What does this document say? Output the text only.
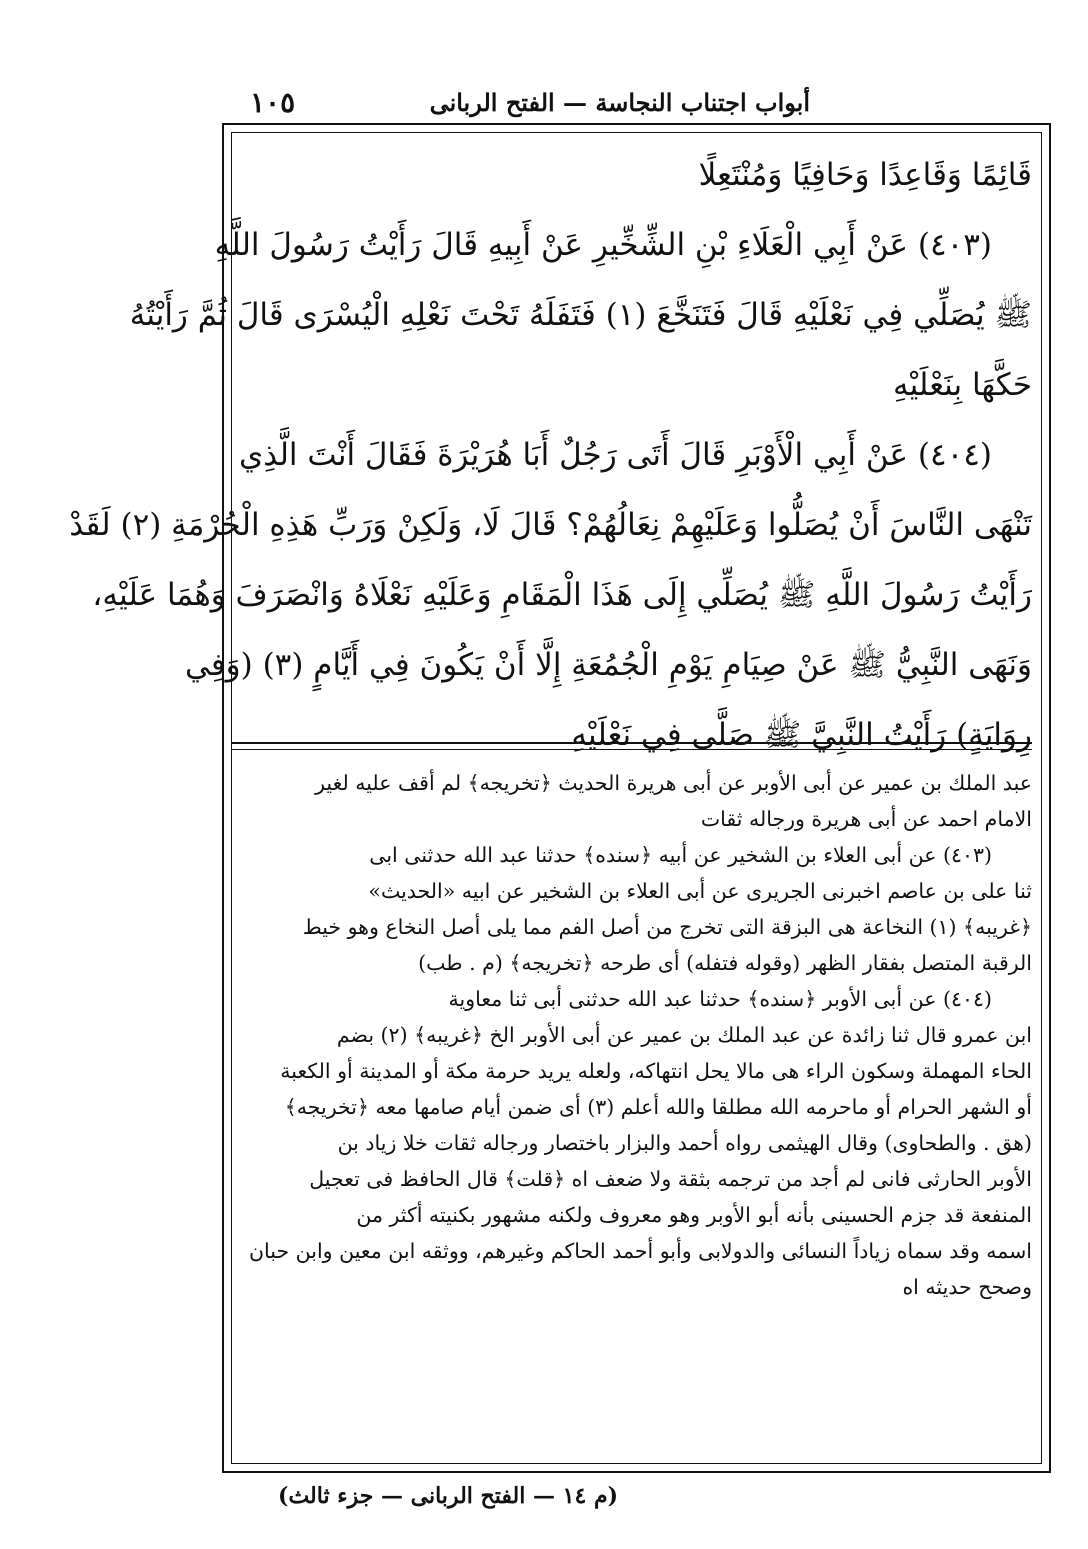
أبواب اجتناب النجاسة — الفتح الربانى
١٠٥
قَائِمًا وَقَاعِدًا وَحَافِيًا وَمُنْتَعِلًا
(٤٠٣) عَنْ أَبِي الْعَلَاءِ بْنِ الشِّخِّيرِ عَنْ أَبِيهِ قَالَ رَأَيْتُ رَسُولَ اللَّهِ
ﷺ يُصَلِّي فِي نَعْلَيْهِ قَالَ فَتَنَخَّعَ (١) فَتَفَلَهُ تَحْتَ نَعْلِهِ الْيُسْرَى قَالَ ثُمَّ رَأَيْتُهُ
حَكَّهَا بِنَعْلَيْهِ
(٤٠٤) عَنْ أَبِي الْأَوْبَرِ قَالَ أَتَى رَجُلٌ أَبَا هُرَيْرَةَ فَقَالَ أَنْتَ الَّذِي
تَنْهَى النَّاسَ أَنْ يُصَلُّوا وَعَلَيْهِمْ نِعَالُهُمْ؟ قَالَ لَا، وَلَكِنْ وَرَبِّ هَذِهِ الْحُرْمَةِ (٢) لَقَدْ
رَأَيْتُ رَسُولَ اللَّهِ ﷺ يُصَلِّي إِلَى هَذَا الْمَقَامِ وَعَلَيْهِ نَعْلَاهُ وَانْصَرَفَ وَهُمَا عَلَيْهِ،
وَنَهَى النَّبِيُّ ﷺ عَنْ صِيَامِ يَوْمِ الْجُمُعَةِ إِلَّا أَنْ يَكُونَ فِي أَيَّامٍ (٣) (وَفِي
رِوَايَةٍ) رَأَيْتُ النَّبِيَّ ﷺ صَلَّى فِي نَعْلَيْهِ
عبد الملك بن عمير عن أبى الأوبر عن أبى هريرة الحديث ﴿تخريجه﴾ لم أقف عليه لغير
الامام احمد عن أبى هريرة ورجاله ثقات
(٤٠٣) عن أبى العلاء بن الشخير عن أبيه ﴿سنده﴾ حدثنا عبد الله حدثنى ابى
ثنا على بن عاصم اخبرنى الجريرى عن أبى العلاء بن الشخير عن ابيه «الحديث»
﴿غريبه﴾ (١) النخاعة هى البزقة التى تخرج من أصل الفم مما يلى أصل النخاع وهو خيط
الرقبة المتصل بفقار الظهر (وقوله فتفله) أى طرحه ﴿تخريجه﴾ (م . طب)
(٤٠٤) عن أبى الأوبر ﴿سنده﴾ حدثنا عبد الله حدثنى أبى ثنا معاوية
ابن عمرو قال ثنا زائدة عن عبد الملك بن عمير عن أبى الأوبر الخ ﴿غريبه﴾ (٢) بضم
الحاء المهملة وسكون الراء هى مالا يحل انتهاكه، ولعله يريد حرمة مكة أو المدينة أو الكعبة
أو الشهر الحرام أو ماحرمه الله مطلقا والله أعلم (٣) أى ضمن أيام صامها معه ﴿تخريجه﴾
(هق . والطحاوى) وقال الهيثمى رواه أحمد والبزار باختصار ورجاله ثقات خلا زياد بن
الأوبر الحارثى فانى لم أجد من ترجمه بثقة ولا ضعف اه ﴿قلت﴾ قال الحافظ فى تعجيل
المنفعة قد جزم الحسينى بأنه أبو الأوبر وهو معروف ولكنه مشهور بكنيته أكثر من
اسمه وقد سماه زياداً النسائى والدولابى وأبو أحمد الحاكم وغيرهم، ووثقه ابن معين وابن حبان
وصحح حديثه اه
(م ١٤ — الفتح الربانى — جزء ثالث)
